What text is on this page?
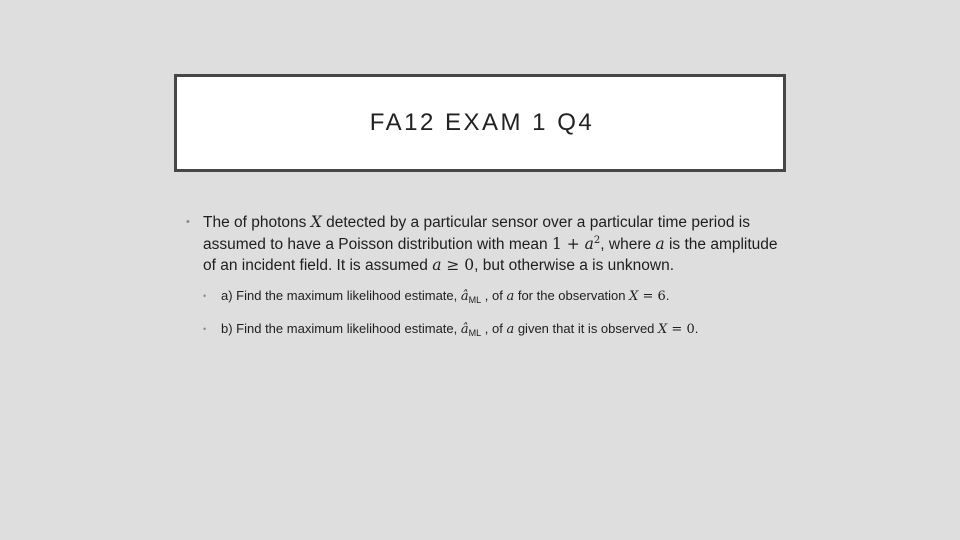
FA12 EXAM 1 Q4
• The of photons X detected by a particular sensor over a particular time period is assumed to have a Poisson distribution with mean $1 + a^2$, where a is the amplitude of an incident field. It is assumed a ≥ 0, but otherwise a is unknown.
• a) Find the maximum likelihood estimate, $â_{ML}$ , of a for the observation X = 6.
• b) Find the maximum likelihood estimate, $â_{ML}$ , of a given that it is observed X = 0.
